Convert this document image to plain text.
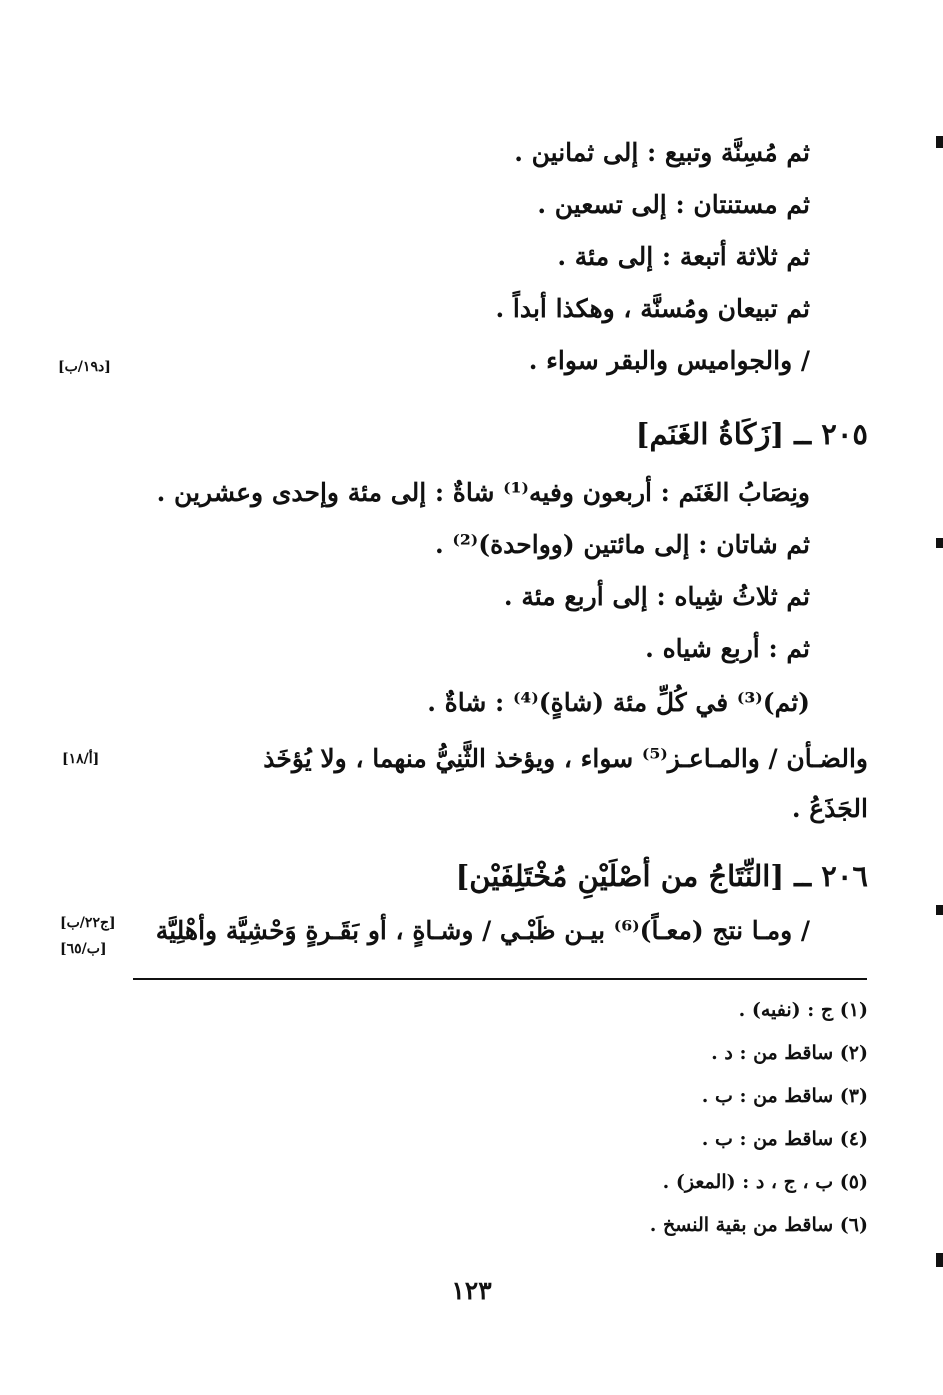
ثم مُسِنَّة وتبيع : إلى ثمانين .
ثم مستنتان : إلى تسعين .
ثم ثلاثة أتبعة : إلى مئة .
ثم تبيعان ومُسنَّة ، وهكذا أبداً .
/ والجواميس والبقر سواء .
[د١٩/ب]
٢٠٥ ــ [زَكَاةُ الغَنَم]
ونِصَابُ الغَنَم : أربعون وفيه⁽¹⁾ شاةٌ : إلى مئة وإحدى وعشرين .
ثم شاتان : إلى مائتين (وواحدة)⁽²⁾ .
ثم ثلاثُ شِياه : إلى أربع مئة .
ثم : أربع شياه .
(ثم)⁽³⁾ في كُلِّ مئة (شاةٍ)⁽⁴⁾ : شاةٌ .
والضـأن / والمـاعـز⁽⁵⁾ سواء ، ويؤخذ الثَّنِيُّ منهما ، ولا يُؤخَذ
[أ/١٨]
الجَذَعُ .
٢٠٦ ــ [النِّتَاجُ من أصْلَيْنِ مُخْتَلِفَيْن]
/ ومـا نتج (معـاً)⁽⁶⁾ بيـن ظَبْـي / وشـاةٍ ، أو بَقَـرةٍ وَحْشِيَّة وأهْلِيَّة
[ج٢٢/ب]
[ب/٦٥]
(١) ج : (نفيه) .
(٢) ساقط من : د .
(٣) ساقط من : ب .
(٤) ساقط من : ب .
(٥) ب ، ج ، د : (المعز) .
(٦) ساقط من بقية النسخ .
١٢٣
